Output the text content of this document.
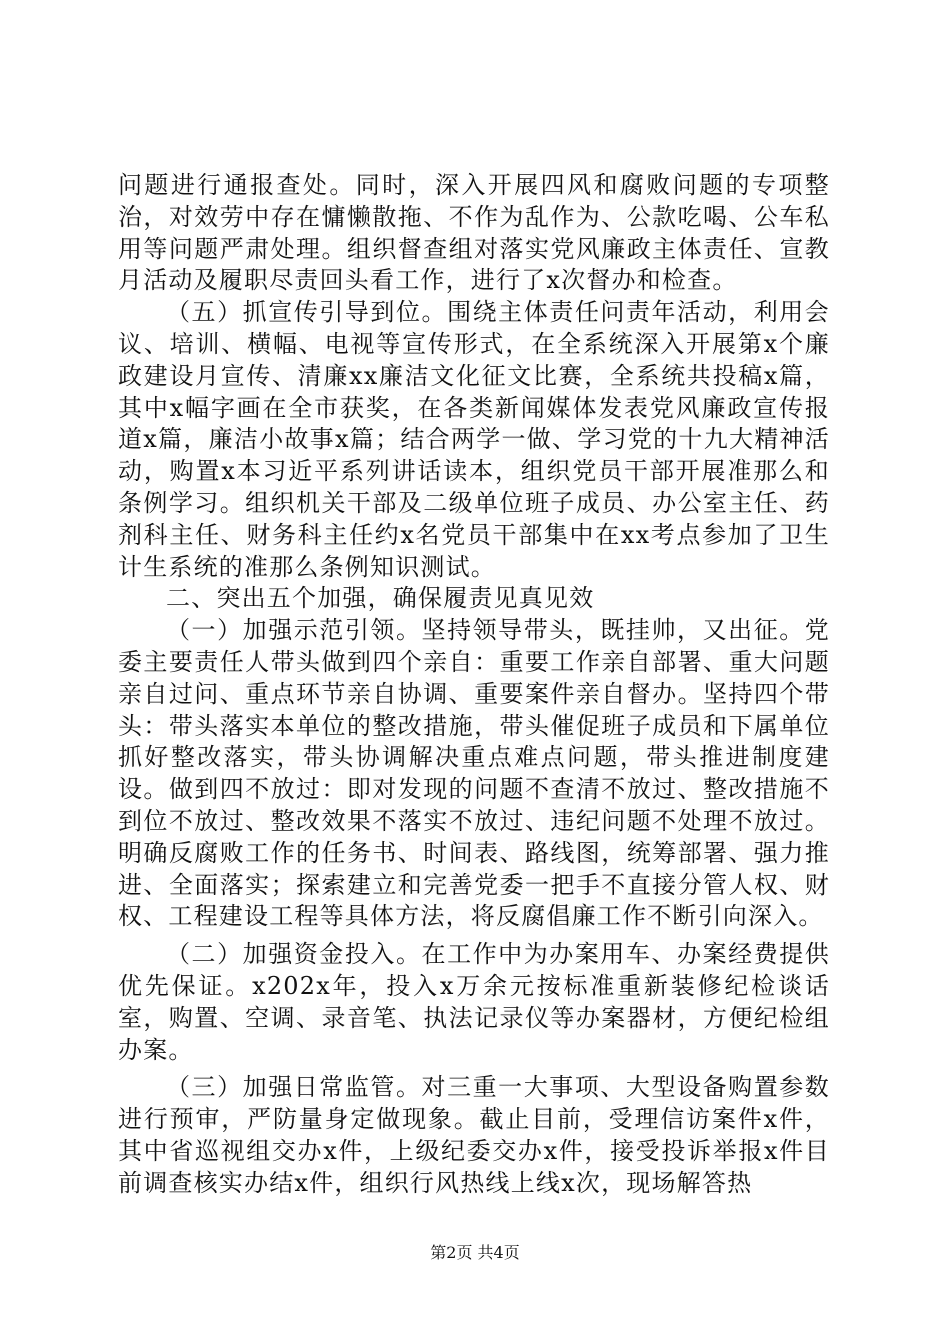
问题进行通报查处。同时，深入开展四风和腐败问题的专项整治，对效劳中存在慵懒散拖、不作为乱作为、公款吃喝、公车私用等问题严肃处理。组织督查组对落实党风廉政主体责任、宣教月活动及履职尽责回头看工作，进行了x次督办和检查。

（五）抓宣传引导到位。围绕主体责任问责年活动，利用会议、培训、横幅、电视等宣传形式，在全系统深入开展第x个廉政建设月宣传、清廉xx廉洁文化征文比赛，全系统共投稿x篇，其中x幅字画在全市获奖，在各类新闻媒体发表党风廉政宣传报道x篇，廉洁小故事x篇；结合两学一做、学习党的十九大精神活动，购置x本习近平系列讲话读本，组织党员干部开展准那么和条例学习。组织机关干部及二级单位班子成员、办公室主任、药剂科主任、财务科主任约x名党员干部集中在xx考点参加了卫生计生系统的准那么条例知识测试。

二、突出五个加强，确保履责见真见效

（一）加强示范引领。坚持领导带头，既挂帅，又出征。党委主要责任人带头做到四个亲自：重要工作亲自部署、重大问题亲自过问、重点环节亲自协调、重要案件亲自督办。坚持四个带头：带头落实本单位的整改措施，带头催促班子成员和下属单位抓好整改落实，带头协调解决重点难点问题，带头推进制度建设。做到四不放过：即对发现的问题不查清不放过、整改措施不到位不放过、整改效果不落实不放过、违纪问题不处理不放过。明确反腐败工作的任务书、时间表、路线图，统筹部署、强力推进、全面落实；探索建立和完善党委一把手不直接分管人权、财权、工程建设工程等具体方法，将反腐倡廉工作不断引向深入。

（二）加强资金投入。在工作中为办案用车、办案经费提供优先保证。x202x年，投入x万余元按标准重新装修纪检谈话室，购置、空调、录音笔、执法记录仪等办案器材，方便纪检组办案。

（三）加强日常监管。对三重一大事项、大型设备购置参数进行预审，严防量身定做现象。截止目前，受理信访案件x件，其中省巡视组交办x件，上级纪委交办x件，接受投诉举报x件目前调查核实办结x件，组织行风热线上线x次，现场解答热

第2页 共4页
